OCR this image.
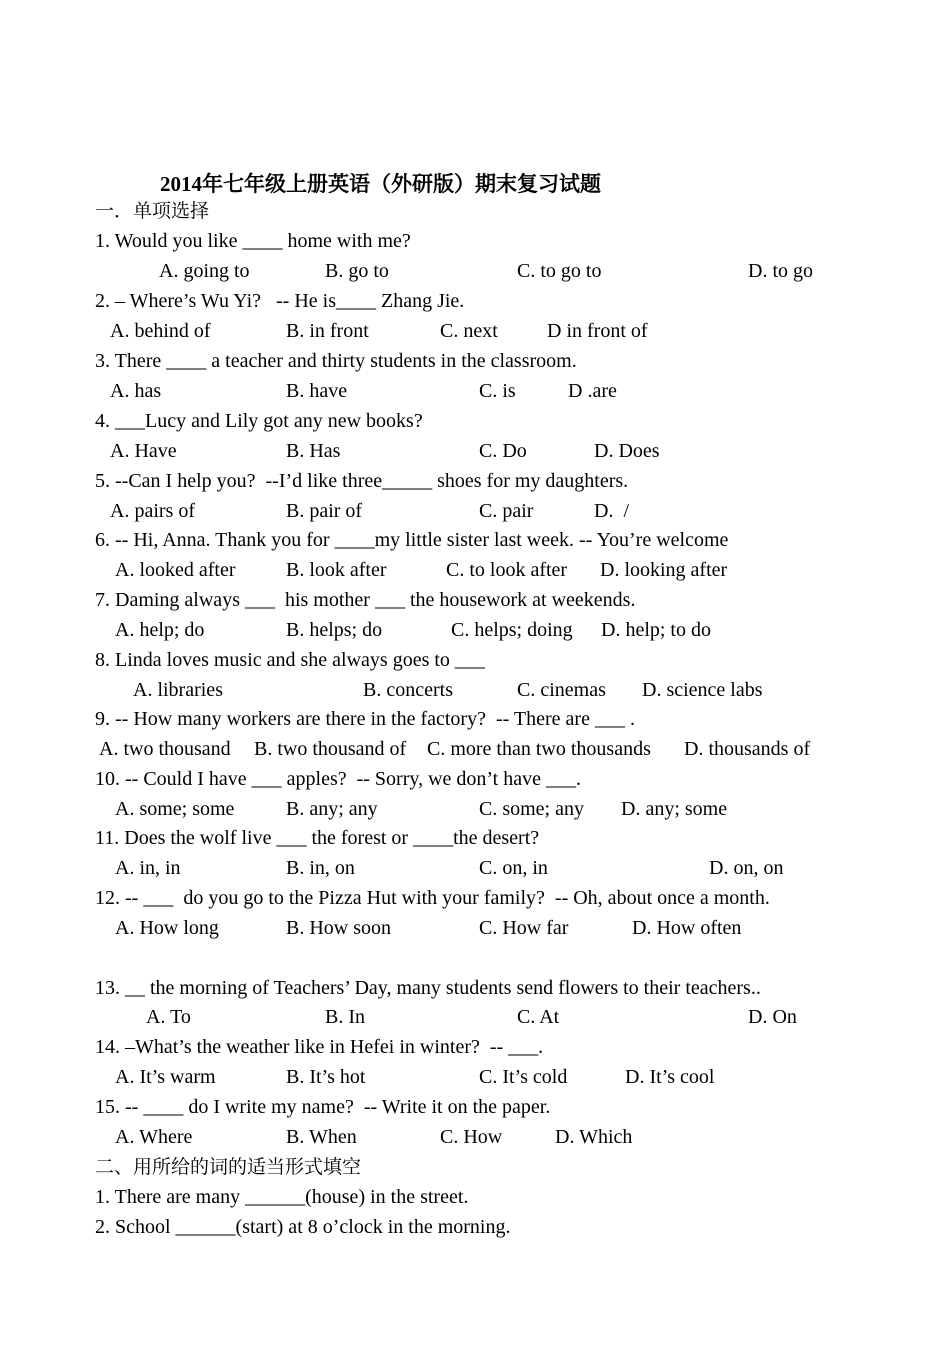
2014年七年级上册英语（外研版）期末复习试题
一．单项选择
1. Would you like ____ home with me?
A. going to	B. go to	C. to go to	D. to go
2. – Where’s Wu Yi?   -- He is____ Zhang Jie.
A. behind of	B. in front	C. next D in front of
3. There ____ a teacher and thirty students in the classroom.
A. has	B. have	C. is	D .are
4. ___Lucy and Lily got any new books?
A. Have	B. Has	C. Do	D. Does
5. --Can I help you?  --I’d like three_____ shoes for my daughters.
A. pairs of	B. pair of	C. pair	D.  /
6. -- Hi, Anna. Thank you for ____my little sister last week. -- You’re welcome
A. looked after	B. look after	C. to look after D. looking after
7. Daming always ___  his mother ___ the housework at weekends.
A. help; do	B. helps; do	C. helps; doing D. help; to do
8. Linda loves music and she always goes to ___
A. libraries	B. concerts	C. cinemas D. science labs
9. -- How many workers are there in the factory?  -- There are ___ .
A. two thousand B. two thousand of C. more than two thousands D. thousands of
10. -- Could I have ___ apples?  -- Sorry, we don’t have ___.
A. some; some	B. any; any	C. some; any D. any; some
11. Does the wolf live ___ the forest or ____the desert?
A. in, in	B. in, on	C. on, in	D. on, on
12. -- ___  do you go to the Pizza Hut with your family?  -- Oh, about once a month.
A. How long	B. How soon	C. How far	D. How often
13. __ the morning of Teachers’ Day, many students send flowers to their teachers..
A. To	B. In	C. At	D. On
14. –What’s the weather like in Hefei in winter?  -- ___.
A. It’s warm	B. It’s hot	C. It’s cold	D. It’s cool
15. -- ____ do I write my name?  -- Write it on the paper.
A. Where	B. When	C. How	D. Which
二、用所给的词的适当形式填空
1. There are many ______(house) in the street.
2. School ______(start) at 8 o’clock in the morning.
